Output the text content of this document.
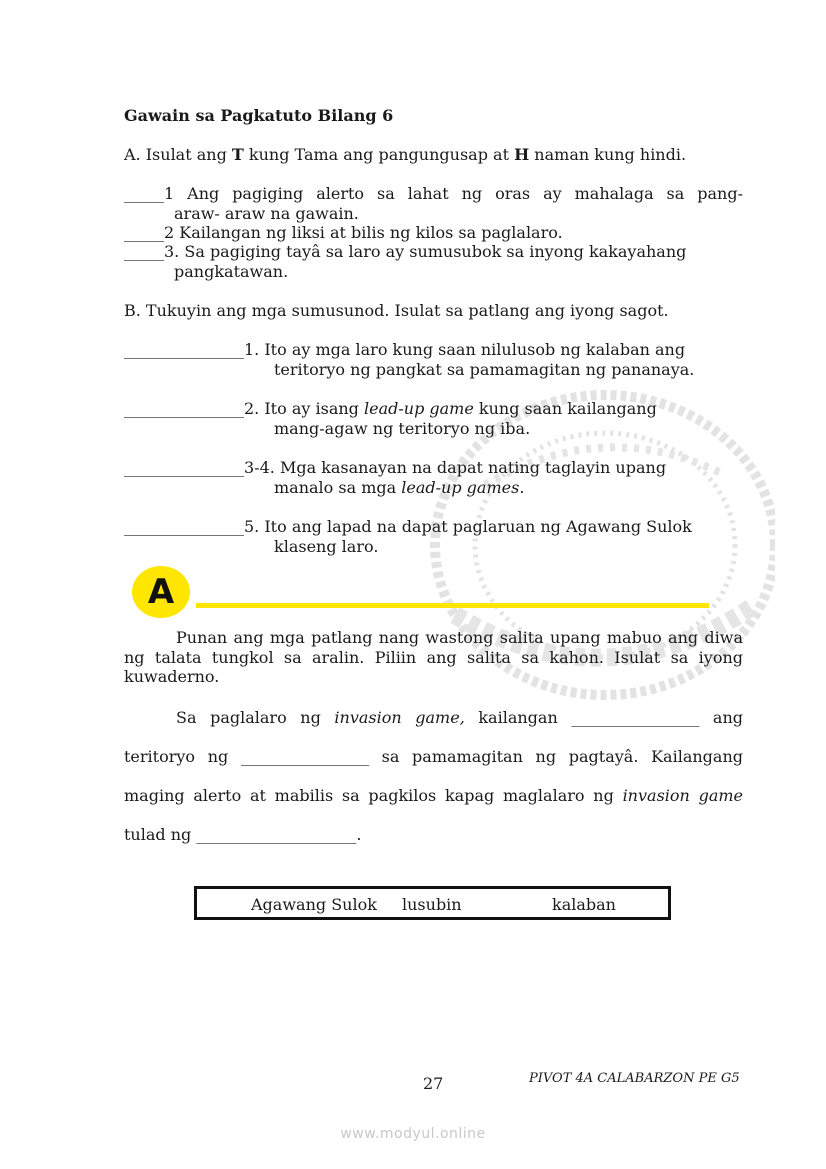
Gawain sa Pagkatuto Bilang 6
A. Isulat ang T kung Tama ang pangungusap at H naman kung hindi.
_____1 Ang pagiging alerto sa lahat ng oras ay mahalaga sa pang-
araw- araw na gawain.
_____2 Kailangan ng liksi at bilis ng kilos sa paglalaro.
_____3. Sa pagiging tayâ sa laro ay sumusubok sa inyong kakayahang
pangkatawan.
B. Tukuyin ang mga sumusunod. Isulat sa patlang ang iyong sagot.
_______________1. Ito ay mga laro kung saan nilulusob ng kalaban ang
teritoryo ng pangkat sa pamamagitan ng pananaya.
_______________2. Ito ay isang lead-up game kung saan kailangang
mang-agaw ng teritoryo ng iba.
_______________3-4. Mga kasanayan na dapat nating taglayin upang
manalo sa mga lead-up games.
_______________5. Ito ang lapad na dapat paglaruan ng Agawang Sulok
klaseng laro.
A
Punan ang mga patlang nang wastong salita upang mabuo ang diwa
ng talata tungkol sa aralin. Piliin ang salita sa kahon. Isulat sa iyong
kuwaderno.
Sa paglalaro ng invasion game, kailangan ________________ ang
teritoryo ng ________________ sa pamamagitan ng pagtayâ. Kailangang
maging alerto at mabilis sa pagkilos kapag maglalaro ng invasion game
tulad ng ____________________.
Agawang Sulok lusubin	kalaban
27	PIVOT 4A CALABARZON PE G5
www.modyul.online
